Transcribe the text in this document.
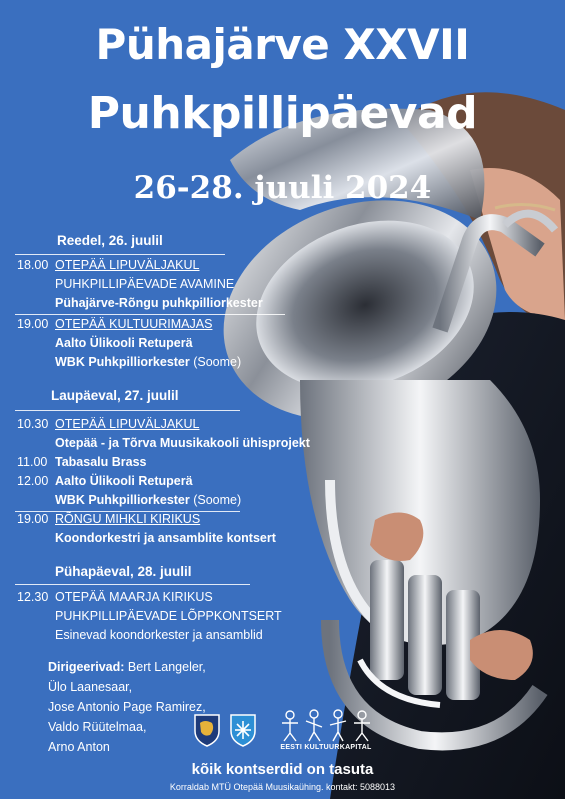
Pühajärve XXVII
Puhkpillipäevad
26-28. juuli 2024
Reedel, 26. juulil
18.00 OTEPÄÄ LIPUVÄLJAKUL
PUHKPILLIPÄEVADE AVAMINE
Pühajärve-Rõngu puhkpilliorkester
19.00 OTEPÄÄ KULTUURIMAJAS
Aalto Ülikooli Retuperä
WBK Puhkpilliorkester (Soome)
Laupäeval, 27. juulil
10.30 OTEPÄÄ LIPUVÄLJAKUL
Otepää - ja Tõrva Muusikakooli ühisprojekt
11.00 Tabasalu Brass
12.00 Aalto Ülikooli Retuperä
WBK Puhkpilliorkester (Soome)
19.00 RÕNGU MIHKLI KIRIKUS
Koondorkestri ja ansamblite kontsert
Pühapäeval, 28. juulil
12.30 OTEPÄÄ MAARJA KIRIKUS
PUHKPILLIPÄEVADE LÕPPKONTSERT
Esinevad koondorkester ja ansamblid
Dirigeerivad: Bert Langeler,
Ülo Laanesaar,
Jose Antonio Page Ramirez,
Valdo Rüütelmaa,
Arno Anton	EESTI KULTUURKAPITAL
kõik kontserdid on tasuta
Korraldab MTÜ Otepää Muusikaühing. kontakt: 5088013
